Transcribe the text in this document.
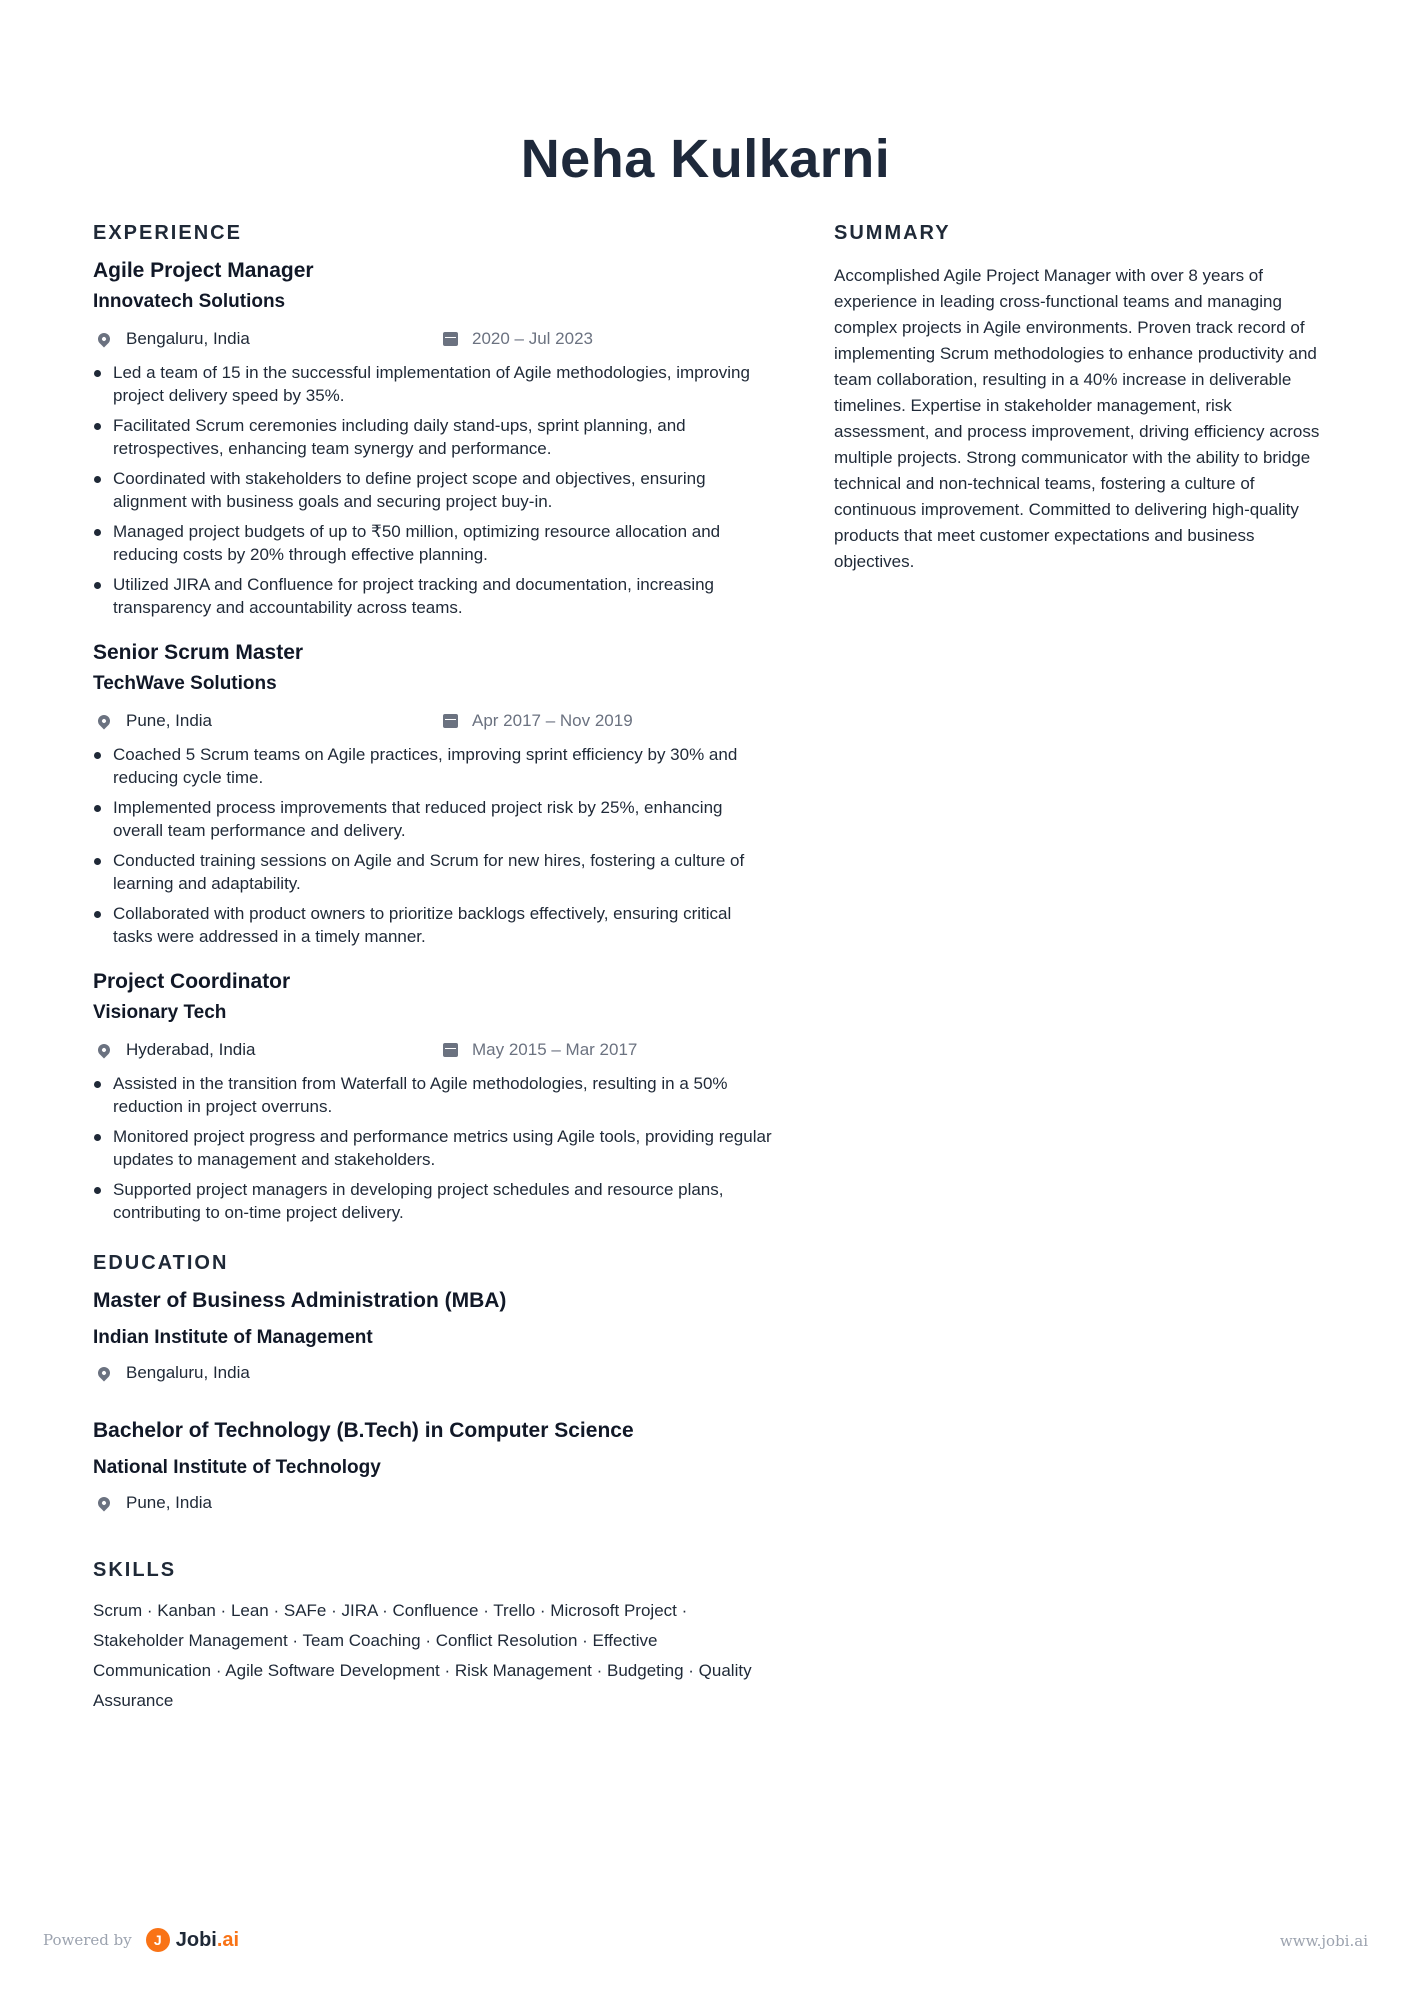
Neha Kulkarni
EXPERIENCE
Agile Project Manager
Innovatech Solutions
Bengaluru, India	2020 – Jul 2023
Led a team of 15 in the successful implementation of Agile methodologies, improving project delivery speed by 35%.
Facilitated Scrum ceremonies including daily stand-ups, sprint planning, and retrospectives, enhancing team synergy and performance.
Coordinated with stakeholders to define project scope and objectives, ensuring alignment with business goals and securing project buy-in.
Managed project budgets of up to ₹50 million, optimizing resource allocation and reducing costs by 20% through effective planning.
Utilized JIRA and Confluence for project tracking and documentation, increasing transparency and accountability across teams.
Senior Scrum Master
TechWave Solutions
Pune, India	Apr 2017 – Nov 2019
Coached 5 Scrum teams on Agile practices, improving sprint efficiency by 30% and reducing cycle time.
Implemented process improvements that reduced project risk by 25%, enhancing overall team performance and delivery.
Conducted training sessions on Agile and Scrum for new hires, fostering a culture of learning and adaptability.
Collaborated with product owners to prioritize backlogs effectively, ensuring critical tasks were addressed in a timely manner.
Project Coordinator
Visionary Tech
Hyderabad, India	May 2015 – Mar 2017
Assisted in the transition from Waterfall to Agile methodologies, resulting in a 50% reduction in project overruns.
Monitored project progress and performance metrics using Agile tools, providing regular updates to management and stakeholders.
Supported project managers in developing project schedules and resource plans, contributing to on-time project delivery.
EDUCATION
Master of Business Administration (MBA)
Indian Institute of Management
Bengaluru, India
Bachelor of Technology (B.Tech) in Computer Science
National Institute of Technology
Pune, India
SKILLS
Scrum · Kanban · Lean · SAFe · JIRA · Confluence · Trello · Microsoft Project · Stakeholder Management · Team Coaching · Conflict Resolution · Effective Communication · Agile Software Development · Risk Management · Budgeting · Quality Assurance
SUMMARY

Accomplished Agile Project Manager with over 8 years of experience in leading cross-functional teams and managing complex projects in Agile environments. Proven track record of implementing Scrum methodologies to enhance productivity and team collaboration, resulting in a 40% increase in deliverable timelines. Expertise in stakeholder management, risk assessment, and process improvement, driving efficiency across multiple projects. Strong communicator with the ability to bridge technical and non-technical teams, fostering a culture of continuous improvement. Committed to delivering high-quality products that meet customer expectations and business objectives.

Powered by	J Jobi.ai	www.jobi.ai
